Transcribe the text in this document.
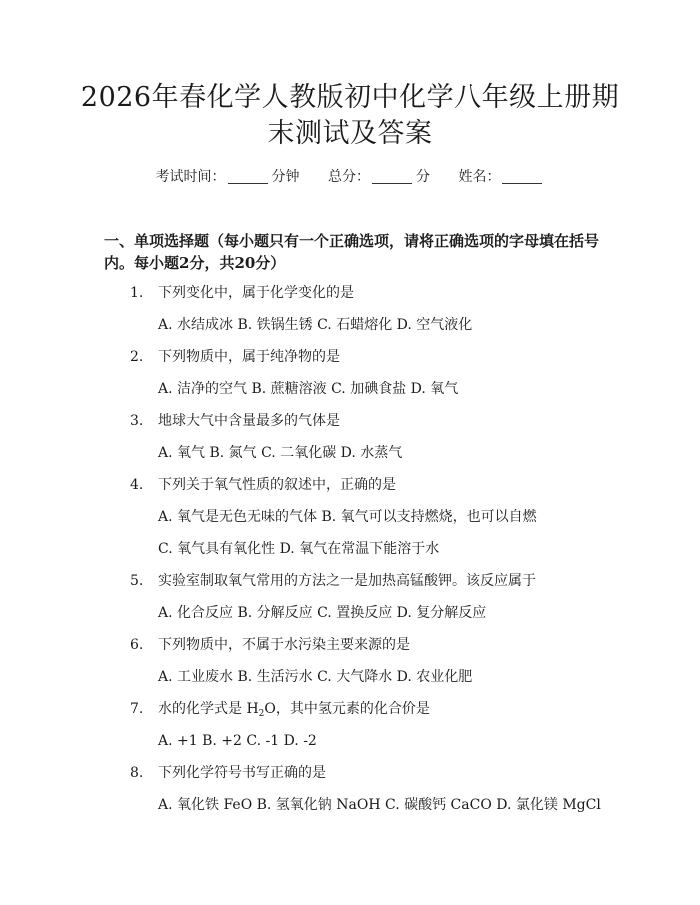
2026年春化学人教版初中化学八年级上册期
末测试及答案
考试时间：	分钟 总分：	分 姓名：
一、单项选择题（每小题只有一个正确选项，请将正确选项的字母填在括号内。每小题2分，共20分）
1. 下列变化中，属于化学变化的是
A. 水结成冰 B. 铁锅生锈 C. 石蜡熔化 D. 空气液化
2. 下列物质中，属于纯净物的是
A. 洁净的空气 B. 蔗糖溶液 C. 加碘食盐 D. 氧气
3. 地球大气中含量最多的气体是
A. 氧气 B. 氮气 C. 二氧化碳 D. 水蒸气
4. 下列关于氧气性质的叙述中，正确的是
A. 氧气是无色无味的气体 B. 氧气可以支持燃烧，也可以自燃
C. 氧气具有氧化性 D. 氧气在常温下能溶于水
5. 实验室制取氧气常用的方法之一是加热高锰酸钾。该反应属于
A. 化合反应 B. 分解反应 C. 置换反应 D. 复分解反应
6. 下列物质中，不属于水污染主要来源的是
A. 工业废水 B. 生活污水 C. 大气降水 D. 农业化肥
7. 水的化学式是 $H_2O$，其中氢元素的化合价是
A. +1 B. +2 C. -1 D. -2
8. 下列化学符号书写正确的是
A. 氧化铁 FeO B. 氢氧化钠 NaOH C. 碳酸钙 CaCO D. 氯化镁 MgCl
